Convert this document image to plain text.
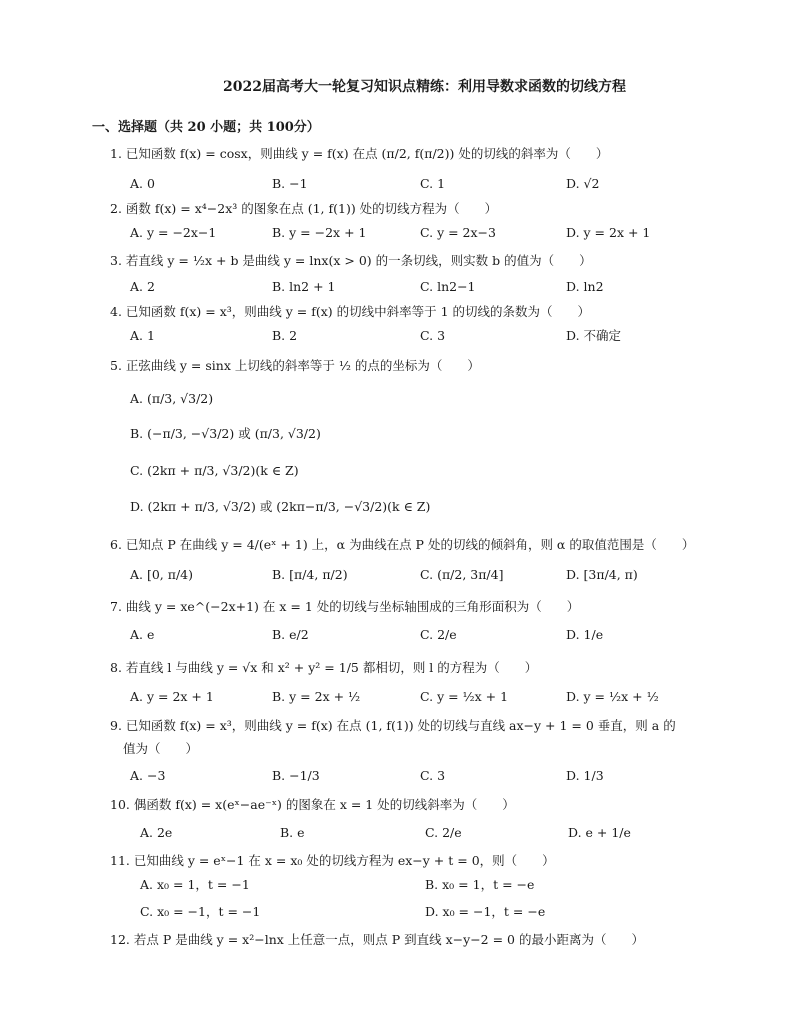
2022届高考大一轮复习知识点精练：利用导数求函数的切线方程
一、选择题（共 20 小题；共 100分）
1. 已知函数 f(x) = cosx，则曲线 y = f(x) 在点 (π/2, f(π/2)) 处的切线的斜率为（　　）
A. 0	B. −1	C. 1	D. √2
2. 函数 f(x) = x⁴−2x³ 的图象在点 (1, f(1)) 处的切线方程为（　　）
A. y = −2x−1	B. y = −2x + 1	C. y = 2x−3	D. y = 2x + 1
3. 若直线 y = ½x + b 是曲线 y = lnx(x > 0) 的一条切线，则实数 b 的值为（　　）
A. 2	B. ln2 + 1	C. ln2−1	D. ln2
4. 已知函数 f(x) = x³，则曲线 y = f(x) 的切线中斜率等于 1 的切线的条数为（　　）
A. 1	B. 2	C. 3	D. 不确定
5. 正弦曲线 y = sinx 上切线的斜率等于 ½ 的点的坐标为（　　）
A. (π/3, √3/2)
B. (−π/3, −√3/2) 或 (π/3, √3/2)
C. (2kπ + π/3, √3/2)(k ∈ Z)
D. (2kπ + π/3, √3/2) 或 (2kπ−π/3, −√3/2)(k ∈ Z)
6. 已知点 P 在曲线 y = 4/(eˣ + 1) 上，α 为曲线在点 P 处的切线的倾斜角，则 α 的取值范围是（　　）
A. [0, π/4)	B. [π/4, π/2)	C. (π/2, 3π/4]	D. [3π/4, π)
7. 曲线 y = xe^(−2x+1) 在 x = 1 处的切线与坐标轴围成的三角形面积为（　　）
A. e	B. e/2	C. 2/e	D. 1/e
8. 若直线 l 与曲线 y = √x 和 x² + y² = 1/5 都相切，则 l 的方程为（　　）
A. y = 2x + 1	B. y = 2x + ½	C. y = ½x + 1	D. y = ½x + ½
9. 已知函数 f(x) = x³，则曲线 y = f(x) 在点 (1, f(1)) 处的切线与直线 ax−y + 1 = 0 垂直，则 a 的
值为（　　）
A. −3	B. −1/3	C. 3	D. 1/3
10. 偶函数 f(x) = x(eˣ−ae⁻ˣ) 的图象在 x = 1 处的切线斜率为（　　）
A. 2e	B. e	C. 2/e	D. e + 1/e
11. 已知曲线 y = eˣ−1 在 x = x₀ 处的切线方程为 ex−y + t = 0，则（　　）
A. x₀ = 1，t = −1	B. x₀ = 1，t = −e
C. x₀ = −1，t = −1	D. x₀ = −1，t = −e
12. 若点 P 是曲线 y = x²−lnx 上任意一点，则点 P 到直线 x−y−2 = 0 的最小距离为（　　）
